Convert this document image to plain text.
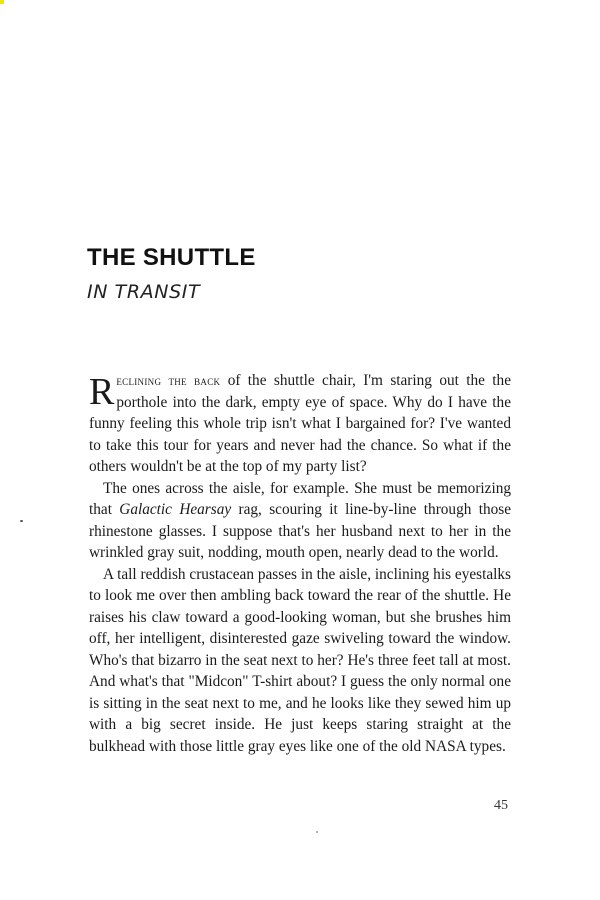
THE SHUTTLE
IN TRANSIT

Reclining the back of the shuttle chair, I'm staring out the the porthole into the dark, empty eye of space. Why do I have the funny feeling this whole trip isn't what I bargained for? I've wanted to take this tour for years and never had the chance. So what if the others wouldn't be at the top of my party list?

The ones across the aisle, for example. She must be memorizing that Galactic Hearsay rag, scouring it line-by-line through those rhinestone glasses. I suppose that's her husband next to her in the wrinkled gray suit, nodding, mouth open, nearly dead to the world.

A tall reddish crustacean passes in the aisle, inclining his eyestalks to look me over then ambling back toward the rear of the shuttle. He raises his claw toward a good-looking woman, but she brushes him off, her intelligent, disinterested gaze swiveling toward the window. Who's that bizarro in the seat next to her? He's three feet tall at most. And what's that "Midcon" T-shirt about? I guess the only normal one is sitting in the seat next to me, and he looks like they sewed him up with a big secret inside. He just keeps staring straight at the bulkhead with those little gray eyes like one of the old NASA types.

45
